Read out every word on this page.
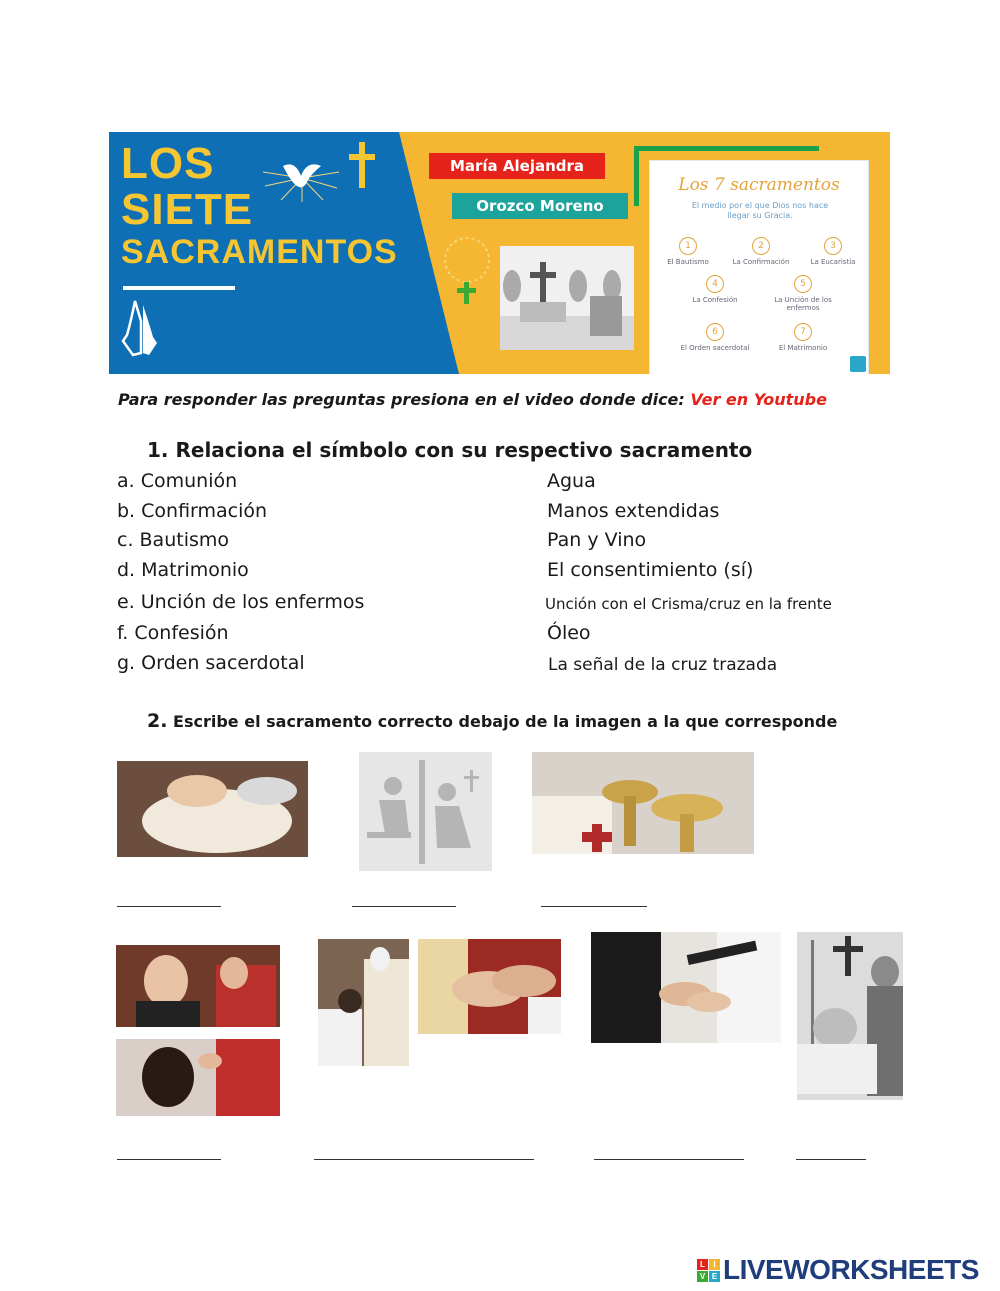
LOS
SIETE
SACRAMENTOS
María Alejandra
Orozco Moreno
Los 7 sacramentos
El medio por el que Dios nos hace llegar su Gracia.
1
El Bautismo
2
La Confirmación
3
La Eucaristía
4
La Confesión
5
La Unción de los enfermos
6
El Orden sacerdotal
7
El Matrimonio
Para responder las preguntas presiona en el video donde dice: Ver en Youtube
1. Relaciona el símbolo con su respectivo sacramento
a. Comunión
b. Confirmación
c. Bautismo
d. Matrimonio
e. Unción de los enfermos
f. Confesión
g. Orden sacerdotal
Agua
Manos extendidas
Pan y Vino
El consentimiento (sí)
Unción con el Crisma/cruz en la frente
Óleo
La señal de la cruz trazada
2. Escribe el sacramento correcto debajo de la imagen a la que corresponde
L	I
V E LIVEWORKSHEETS
